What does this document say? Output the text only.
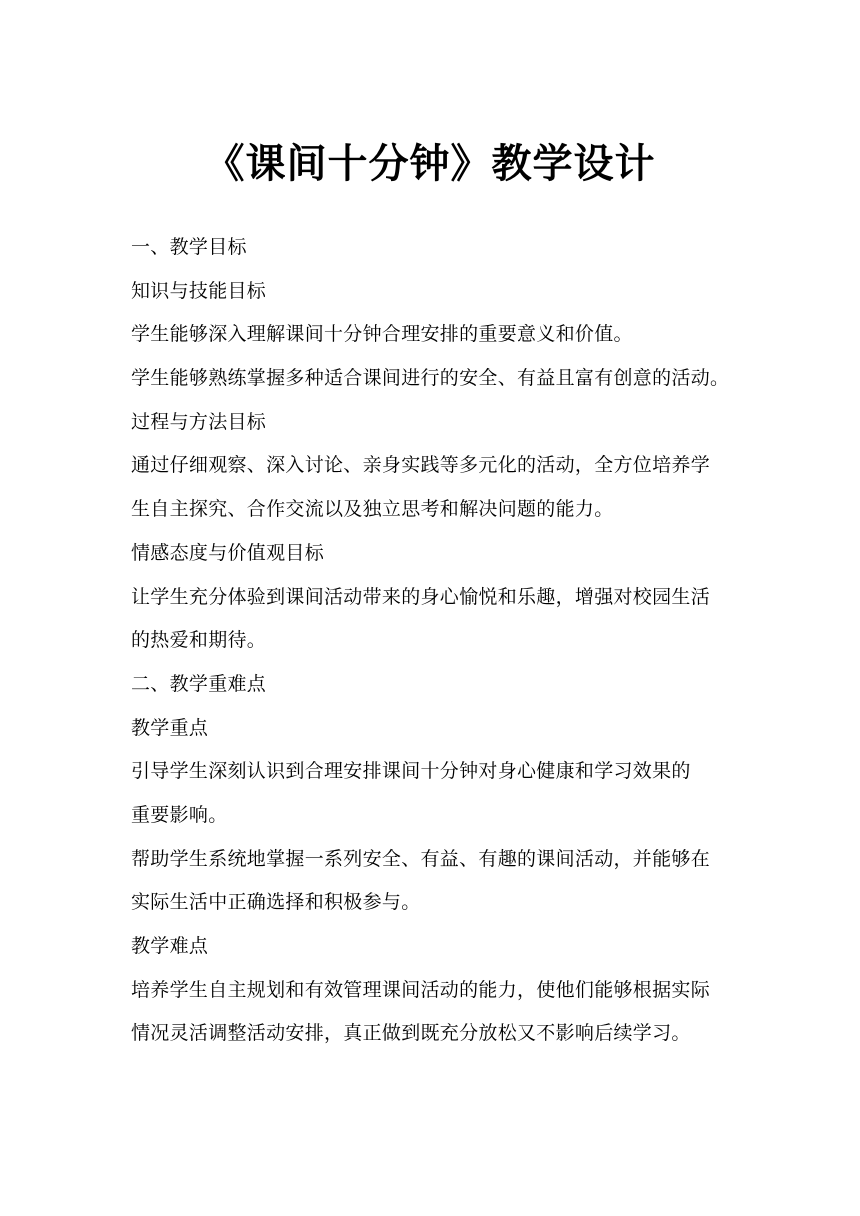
《课间十分钟》教学设计
一、教学目标
知识与技能目标
学生能够深入理解课间十分钟合理安排的重要意义和价值。
学生能够熟练掌握多种适合课间进行的安全、有益且富有创意的活动。
过程与方法目标
通过仔细观察、深入讨论、亲身实践等多元化的活动，全方位培养学
生自主探究、合作交流以及独立思考和解决问题的能力。
情感态度与价值观目标
让学生充分体验到课间活动带来的身心愉悦和乐趣，增强对校园生活
的热爱和期待。
二、教学重难点
教学重点
引导学生深刻认识到合理安排课间十分钟对身心健康和学习效果的
重要影响。
帮助学生系统地掌握一系列安全、有益、有趣的课间活动，并能够在
实际生活中正确选择和积极参与。
教学难点
培养学生自主规划和有效管理课间活动的能力，使他们能够根据实际
情况灵活调整活动安排，真正做到既充分放松又不影响后续学习。
